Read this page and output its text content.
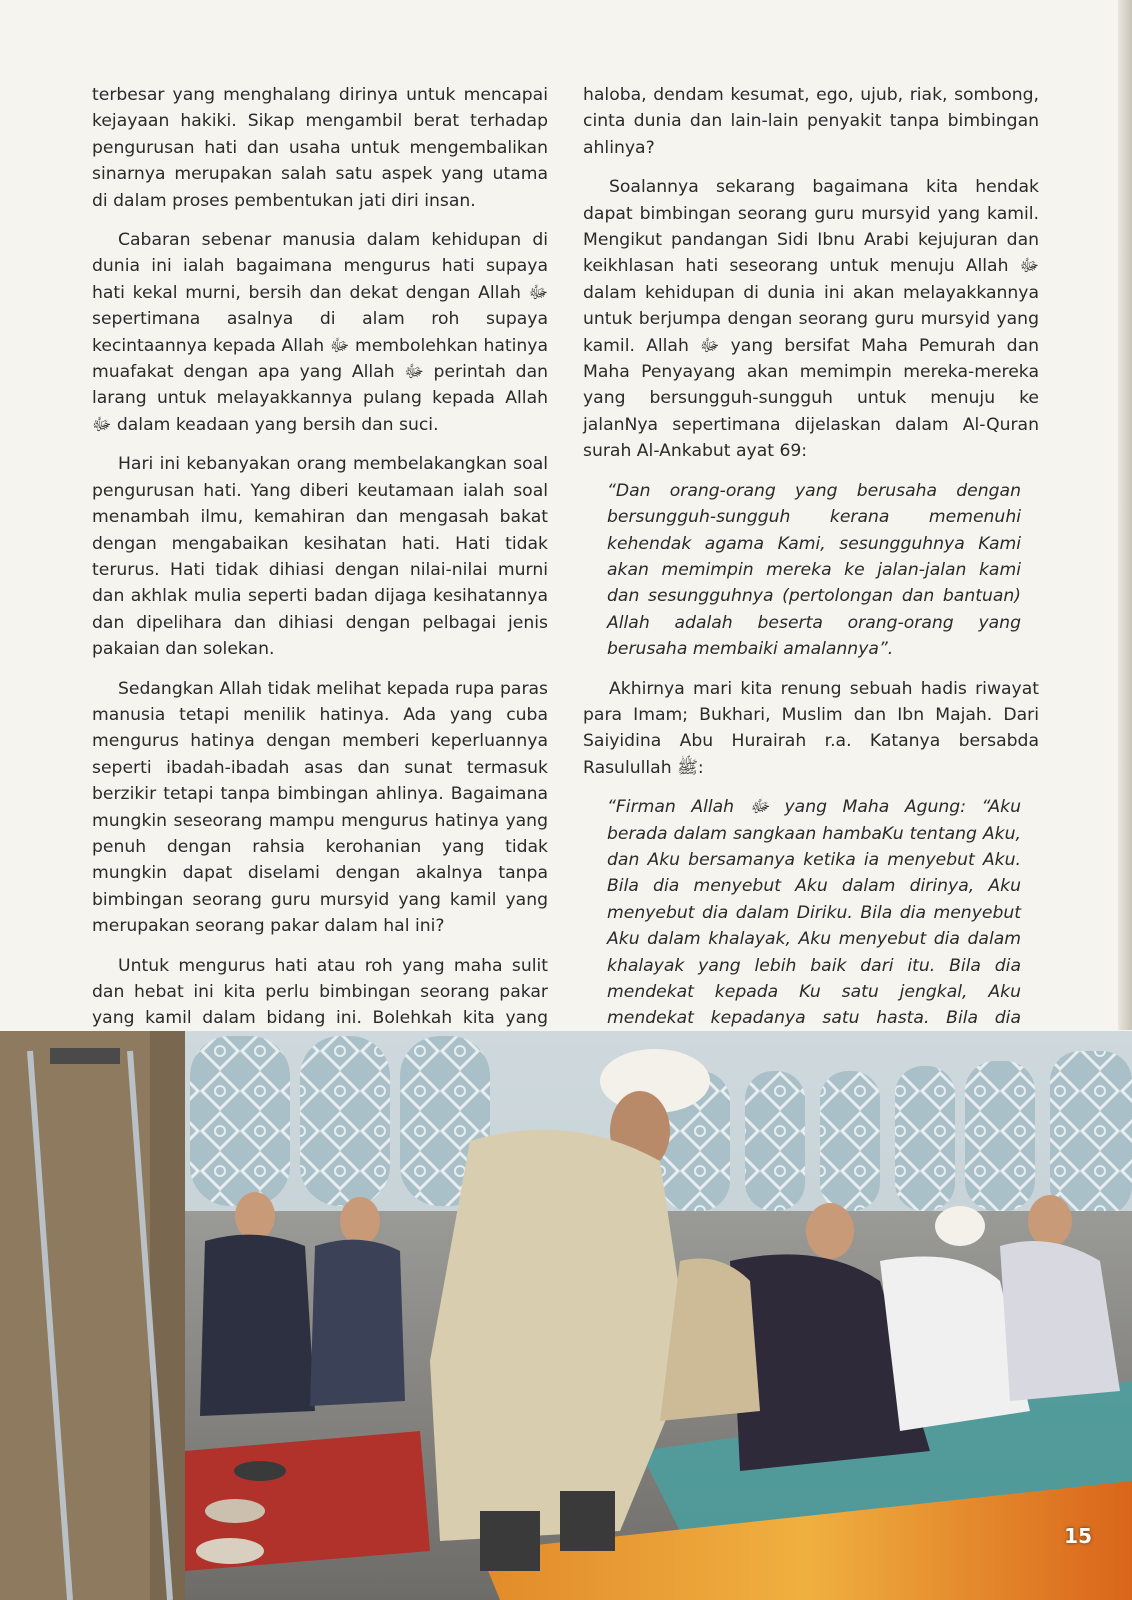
terbesar yang menghalang dirinya untuk mencapai kejayaan hakiki. Sikap mengambil berat terhadap pengurusan hati dan usaha untuk mengembalikan sinarnya merupakan salah satu aspek yang utama di dalam proses pembentukan jati diri insan.

Cabaran sebenar manusia dalam kehidupan di dunia ini ialah bagaimana mengurus hati supaya hati kekal murni, bersih dan dekat dengan Allah ﷻ sepertimana asalnya di alam roh supaya kecintaannya kepada Allah ﷻ membolehkan hatinya muafakat dengan apa yang Allah ﷻ perintah dan larang untuk melayakkannya pulang kepada Allah ﷻ dalam keadaan yang bersih dan suci.

Hari ini kebanyakan orang membelakangkan soal pengurusan hati. Yang diberi keutamaan ialah soal menambah ilmu, kemahiran dan mengasah bakat dengan mengabaikan kesihatan hati. Hati tidak terurus. Hati tidak dihiasi dengan nilai-nilai murni dan akhlak mulia seperti badan dijaga kesihatannya dan dipelihara dan dihiasi dengan pelbagai jenis pakaian dan solekan.

Sedangkan Allah tidak melihat kepada rupa paras manusia tetapi menilik hatinya. Ada yang cuba mengurus hatinya dengan memberi keperluannya seperti ibadah-ibadah asas dan sunat termasuk berzikir tetapi tanpa bimbingan ahlinya. Bagaimana mungkin seseorang mampu mengurus hatinya yang penuh dengan rahsia kerohanian yang tidak mungkin dapat diselami dengan akalnya tanpa bimbingan seorang guru mursyid yang kamil yang merupakan seorang pakar dalam hal ini?

Untuk mengurus hati atau roh yang maha sulit dan hebat ini kita perlu bimbingan seorang pakar yang kamil dalam bidang ini. Bolehkah kita yang

haloba, dendam kesumat, ego, ujub, riak, sombong, cinta dunia dan lain-lain penyakit tanpa bimbingan ahlinya?

Soalannya sekarang bagaimana kita hendak dapat bimbingan seorang guru mursyid yang kamil. Mengikut pandangan Sidi Ibnu Arabi kejujuran dan keikhlasan hati seseorang untuk menuju Allah ﷻ dalam kehidupan di dunia ini akan melayakkannya untuk berjumpa dengan seorang guru mursyid yang kamil. Allah ﷻ yang bersifat Maha Pemurah dan Maha Penyayang akan memimpin mereka-mereka yang bersungguh-sungguh untuk menuju ke jalanNya sepertimana dijelaskan dalam Al-Quran surah Al-Ankabut ayat 69:

“Dan orang-orang yang berusaha dengan bersungguh-sungguh kerana memenuhi kehendak agama Kami, sesungguhnya Kami akan memimpin mereka ke jalan-jalan kami dan sesungguhnya (pertolongan dan bantuan) Allah adalah beserta orang-orang yang berusaha membaiki amalannya”.

Akhirnya mari kita renung sebuah hadis riwayat para Imam; Bukhari, Muslim dan Ibn Majah. Dari Saiyidina Abu Hurairah r.a. Katanya bersabda Rasulullah ﷺ:

“Firman Allah ﷻ yang Maha Agung: “Aku berada dalam sangkaan hambaKu tentang Aku, dan Aku bersamanya ketika ia menyebut Aku. Bila dia menyebut Aku dalam dirinya, Aku menyebut dia dalam Diriku. Bila dia menyebut Aku dalam khalayak, Aku menyebut dia dalam khalayak yang lebih baik dari itu. Bila dia mendekat kepada Ku satu jengkal, Aku mendekat kepadanya satu hasta. Bila dia

15
